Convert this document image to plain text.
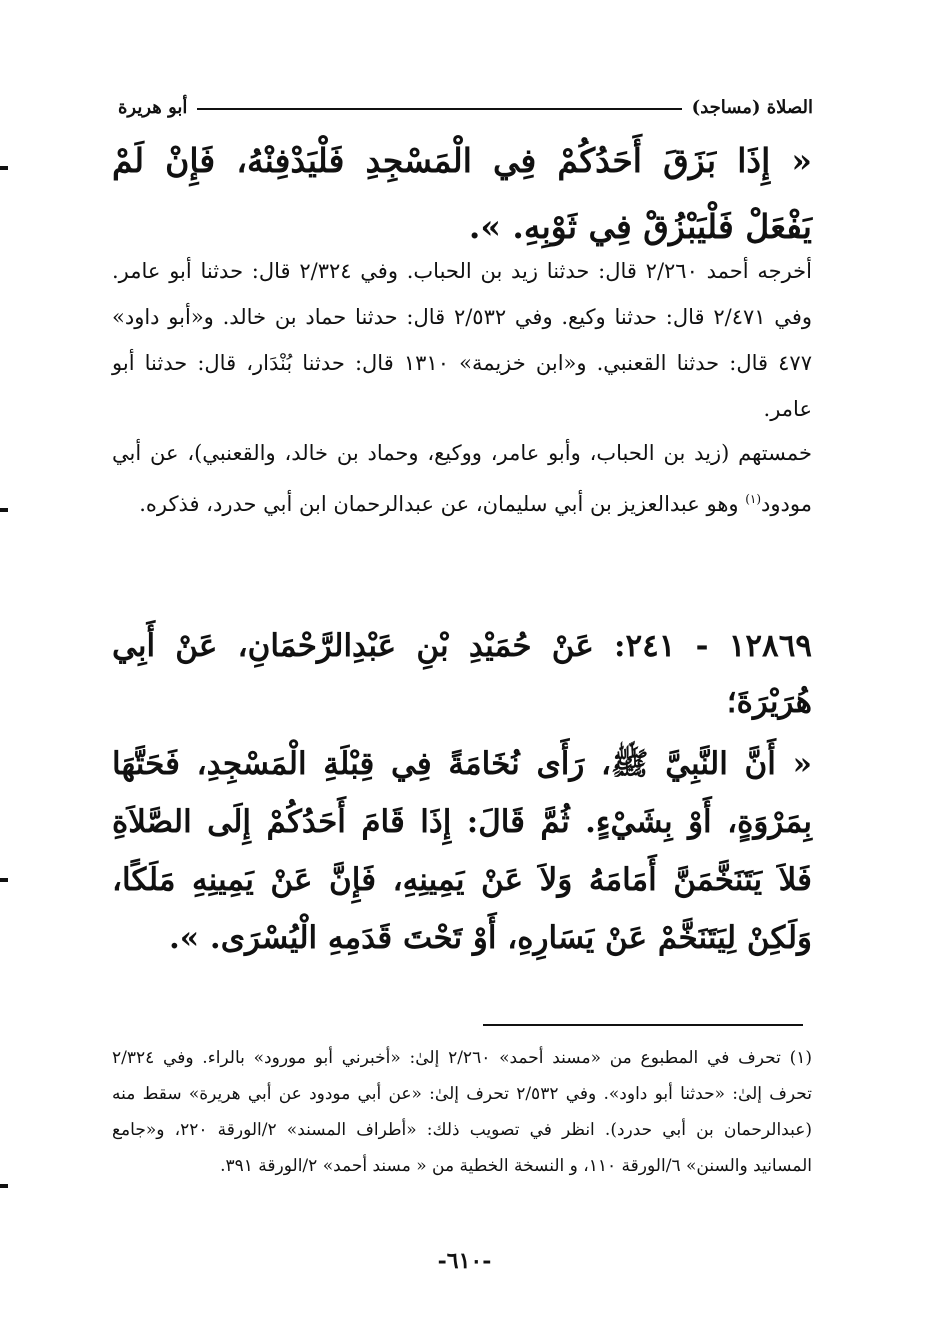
الصلاة (مساجد)
أبو هريرة
« إِذَا بَزَقَ أَحَدُكُمْ فِي الْمَسْجِدِ فَلْيَدْفِنْهُ، فَإِنْ لَمْ يَفْعَلْ فَلْيَبْزُقْ فِي ثَوْبِهِ. ».
أخرجه أحمد ٢/٢٦٠ قال: حدثنا زيد بن الحباب. وفي ٢/٣٢٤ قال: حدثنا أبو عامر. وفي ٢/٤٧١ قال: حدثنا وكيع. وفي ٢/٥٣٢ قال: حدثنا حماد بن خالد. و«أبو داود» ٤٧٧ قال: حدثنا القعنبي. و«ابن خزيمة» ١٣١٠ قال: حدثنا بُنْدَار، قال: حدثنا أبو عامر.
خمستهم (زيد بن الحباب، وأبو عامر، ووكيع، وحماد بن خالد، والقعنبي)، عن أبي مودود$^{(١)}$ وهو عبدالعزيز بن أبي سليمان، عن عبدالرحمان ابن أبي حدرد، فذكره.
١٢٨٦٩ - ٢٤١: عَنْ حُمَيْدِ بْنِ عَبْدِالرَّحْمَانِ، عَنْ أَبِي هُرَيْرَةَ؛
« أَنَّ النَّبِيَّ ﷺ، رَأَى نُخَامَةً فِي قِبْلَةِ الْمَسْجِدِ، فَحَتَّهَا بِمَرْوَةٍ، أَوْ بِشَيْءٍ. ثُمَّ قَالَ: إِذَا قَامَ أَحَدُكُمْ إِلَى الصَّلاَةِ فَلاَ يَتَنَخَّمَنَّ أَمَامَهُ وَلاَ عَنْ يَمِينِهِ، فَإِنَّ عَنْ يَمِينِهِ مَلَكًا، وَلَكِنْ لِيَتَنَخَّمْ عَنْ يَسَارِهِ، أَوْ تَحْتَ قَدَمِهِ الْيُسْرَى. ».
(١) تحرف في المطبوع من «مسند أحمد» ٢/٢٦٠ إلىٰ: «أخبرني أبو مورود» بالراء. وفي ٢/٣٢٤ تحرف إلىٰ: «حدثنا أبو داود». وفي ٢/٥٣٢ تحرف إلىٰ: «عن أبي مودود عن أبي هريرة» سقط منه (عبدالرحمان بن أبي حدرد). انظر في تصويب ذلك: «أطراف المسند» ٢/الورقة ٢٢٠، و«جامع المسانيد والسنن» ٦/الورقة ١١٠، و النسخة الخطية من « مسند أحمد» ٢/الورقة ٣٩١.
-٦١٠-
